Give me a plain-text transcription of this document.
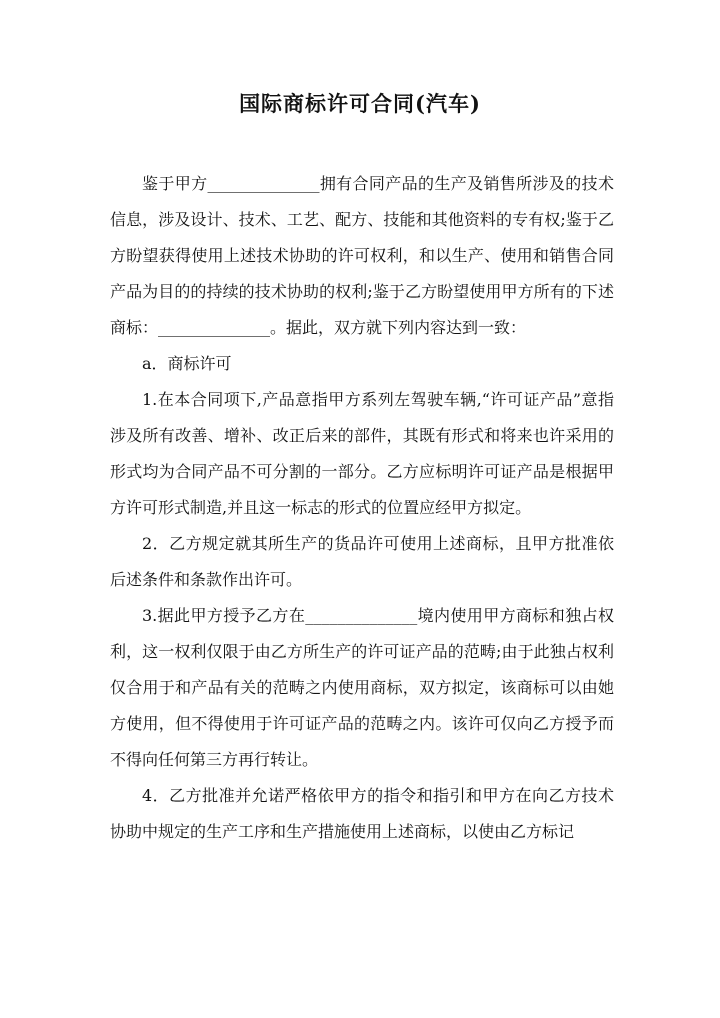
国际商标许可合同(汽车)

鉴于甲方______________拥有合同产品的生产及销售所涉及的技术信息，涉及设计、技术、工艺、配方、技能和其他资料的专有权;鉴于乙方盼望获得使用上述技术协助的许可权利，和以生产、使用和销售合同产品为目的的持续的技术协助的权利;鉴于乙方盼望使用甲方所有的下述商标：______________。据此，双方就下列内容达到一致：

a．商标许可

1.在本合同项下,产品意指甲方系列左驾驶车辆,“许可证产品”意指涉及所有改善、增补、改正后来的部件，其既有形式和将来也许采用的形式均为合同产品不可分割的一部分。乙方应标明许可证产品是根据甲方许可形式制造,并且这一标志的形式的位置应经甲方拟定。

2．乙方规定就其所生产的货品许可使用上述商标，且甲方批准依后述条件和条款作出许可。

3.据此甲方授予乙方在______________境内使用甲方商标和独占权利，这一权利仅限于由乙方所生产的许可证产品的范畴;由于此独占权利仅合用于和产品有关的范畴之内使用商标，双方拟定，该商标可以由她方使用，但不得使用于许可证产品的范畴之内。该许可仅向乙方授予而不得向任何第三方再行转让。

4．乙方批准并允诺严格依甲方的指令和指引和甲方在向乙方技术协助中规定的生产工序和生产措施使用上述商标，以使由乙方标记
